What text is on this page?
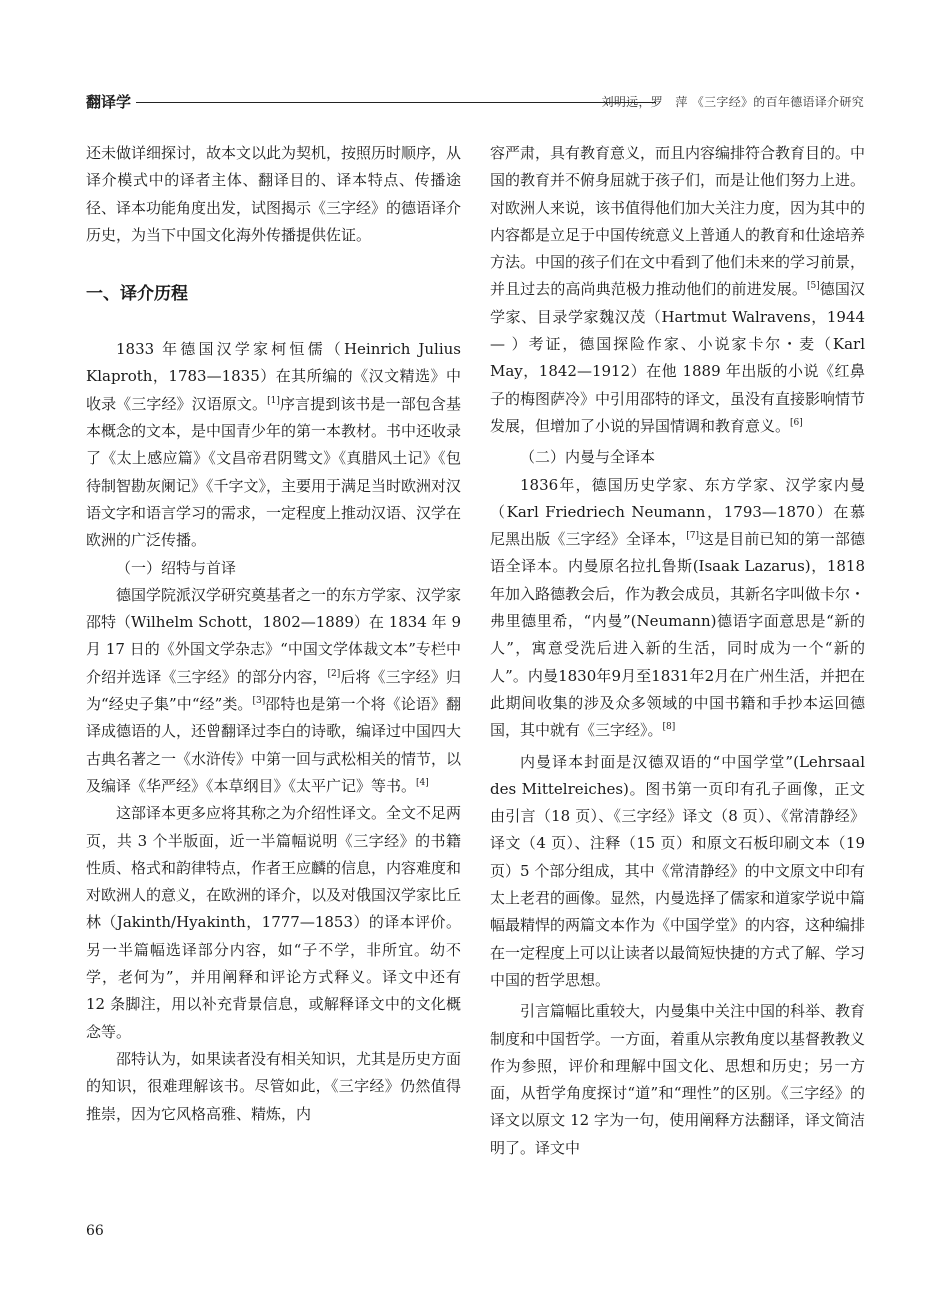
翻译学	刘明远，罗　萍 《三字经》的百年德语译介研究

还未做详细探讨，故本文以此为契机，按照历时顺序，从译介模式中的译者主体、翻译目的、译本特点、传播途径、译本功能角度出发，试图揭示《三字经》的德语译介历史，为当下中国文化海外传播提供佐证。

一、译介历程

1833 年德国汉学家柯恒儒（Heinrich Julius Klaproth，1783—1835）在其所编的《汉文精选》中收录《三字经》汉语原文。[1]序言提到该书是一部包含基本概念的文本，是中国青少年的第一本教材。书中还收录了《太上感应篇》《文昌帝君阴骘文》《真腊风土记》《包待制智勘灰阑记》《千字文》，主要用于满足当时欧洲对汉语文字和语言学习的需求，一定程度上推动汉语、汉学在欧洲的广泛传播。

（一）绍特与首译

德国学院派汉学研究奠基者之一的东方学家、汉学家邵特（Wilhelm Schott，1802—1889）在 1834 年 9 月 17 日的《外国文学杂志》“中国文学体裁文本”专栏中介绍并选译《三字经》的部分内容，[2]后将《三字经》归为“经史子集”中“经”类。[3]邵特也是第一个将《论语》翻译成德语的人，还曾翻译过李白的诗歌，编译过中国四大古典名著之一《水浒传》中第一回与武松相关的情节，以及编译《华严经》《本草纲目》《太平广记》等书。[4]

这部译本更多应将其称之为介绍性译文。全文不足两页，共 3 个半版面，近一半篇幅说明《三字经》的书籍性质、格式和韵律特点，作者王应麟的信息，内容难度和对欧洲人的意义，在欧洲的译介，以及对俄国汉学家比丘林（Jakinth/Hyakinth，1777—1853）的译本评价。另一半篇幅选译部分内容，如“子不学，非所宜。幼不学，老何为”，并用阐释和评论方式释义。译文中还有 12 条脚注，用以补充背景信息，或解释译文中的文化概念等。

邵特认为，如果读者没有相关知识，尤其是历史方面的知识，很难理解该书。尽管如此，《三字经》仍然值得推崇，因为它风格高雅、精炼，内

容严肃，具有教育意义，而且内容编排符合教育目的。中国的教育并不俯身屈就于孩子们，而是让他们努力上进。对欧洲人来说，该书值得他们加大关注力度，因为其中的内容都是立足于中国传统意义上普通人的教育和仕途培养方法。中国的孩子们在文中看到了他们未来的学习前景，并且过去的高尚典范极力推动他们的前进发展。[5]德国汉学家、目录学家魏汉茂（Hartmut Walravens，1944— ）考证，德国探险作家、小说家卡尔・麦（Karl May，1842—1912）在他 1889 年出版的小说《红鼻子的梅图萨冷》中引用邵特的译文，虽没有直接影响情节发展，但增加了小说的异国情调和教育意义。[6]

（二）内曼与全译本

1836年，德国历史学家、东方学家、汉学家内曼（Karl Friedriech Neumann，1793—1870）在慕尼黑出版《三字经》全译本，[7]这是目前已知的第一部德语全译本。内曼原名拉扎鲁斯(Isaak Lazarus)，1818年加入路德教会后，作为教会成员，其新名字叫做卡尔・弗里德里希，“内曼”(Neumann)德语字面意思是“新的人”，寓意受洗后进入新的生活，同时成为一个“新的人”。内曼1830年9月至1831年2月在广州生活，并把在此期间收集的涉及众多领域的中国书籍和手抄本运回德国，其中就有《三字经》。[8]

内曼译本封面是汉德双语的“中国学堂”(Lehrsaal des Mittelreiches)。图书第一页印有孔子画像，正文由引言（18 页）、《三字经》译文（8 页）、《常清静经》译文（4 页）、注释（15 页）和原文石板印刷文本（19 页）5 个部分组成，其中《常清静经》的中文原文中印有太上老君的画像。显然，内曼选择了儒家和道家学说中篇幅最精悍的两篇文本作为《中国学堂》的内容，这种编排在一定程度上可以让读者以最简短快捷的方式了解、学习中国的哲学思想。

引言篇幅比重较大，内曼集中关注中国的科举、教育制度和中国哲学。一方面，着重从宗教角度以基督教教义作为参照，评价和理解中国文化、思想和历史；另一方面，从哲学角度探讨“道”和“理性”的区别。《三字经》的译文以原文 12 字为一句，使用阐释方法翻译，译文简洁明了。译文中

66
